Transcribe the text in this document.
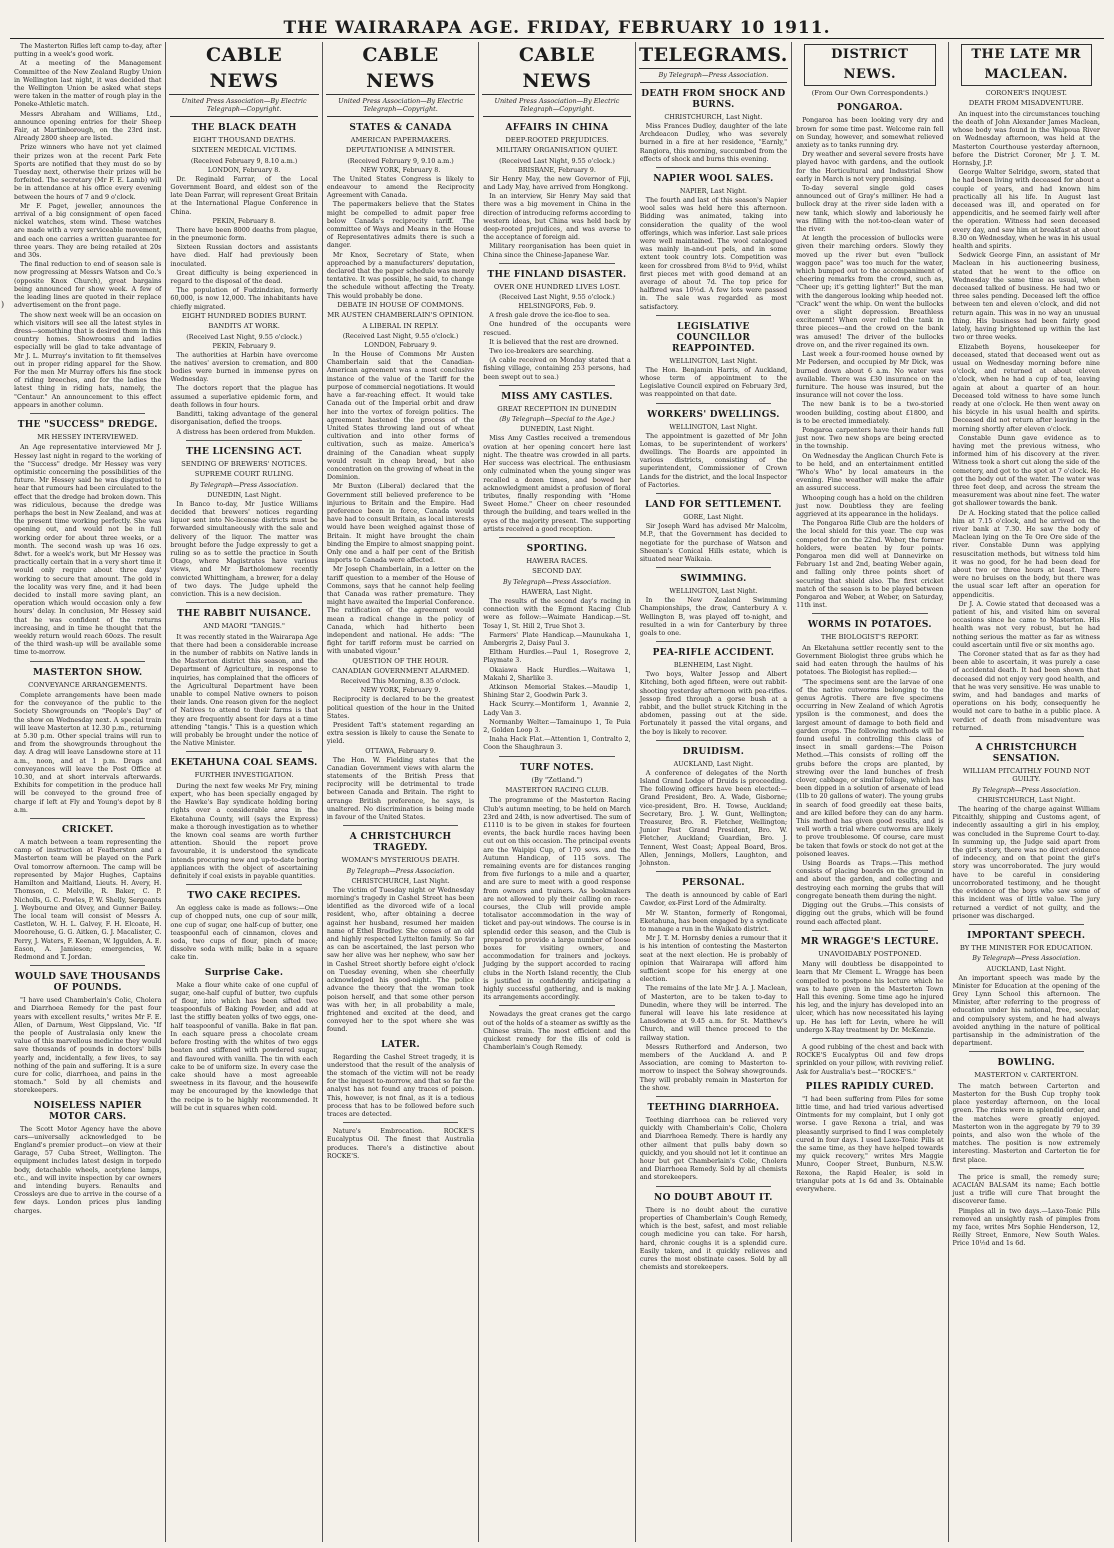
)
THE WAIRARAPA AGE. FRIDAY, FEBRUARY 10 1911.

The Masterton Rifles left camp to-day, after putting in a week's good work.

At a meeting of the Management Committee of the New Zealand Rugby Union in Wellington last night, it was decided that the Wellington Union be asked what steps were taken in the matter of rough play in the Poneke-Athletic match.

Messrs Abraham and Williams, Ltd., announce opening entries for their Sheep Fair, at Martinborough, on the 23rd inst. Already 2800 sheep are listed.

Prize winners who have not yet claimed their prizes won at the recent Park Fete Sports are notified that they must do so by Tuesday next, otherwise their prizes will be forfeited. The secretary (Mr F. E. Lamb) will be in attendance at his office every evening between the hours of 7 and 9 o'clock.

Mr F. Paget, jeweller, announces the arrival of a big consignment of open faced nickel watches, stem wind. These watches are made with a very serviceable movement, and each one carries a written guarantee for three years. They are being retailed at 20s and 30s.

The final reduction to end of season sale is now progressing at Messrs Watson and Co.'s (opposite Knox Church), great bargains being announced for show week. A few of the leading lines are quoted in their replace advertisement on the front page.

The show next week will be an occasion on which visitors will see all the latest styles in dress—something that is desired them in this country homes. Showrooms and ladies especially will be glad to take advantage of Mr J. L. Murray's invitation to fit themselves out in proper riding apparel for the Show. For the men Mr Murray offers his fine stock of riding breeches, and for the ladies the latest thing in riding hats, namely, the "Centaur." An announcement to this effect appears in another column.

THE "SUCCESS" DREDGE.
MR HESSEY INTERVIEWED.

An Age representative interviewed Mr J. Hessey last night in regard to the working of the "Success" dredge. Mr Hessey was very optimistic concerning the possibilities of the future. Mr Hessey said he was disgusted to hear that rumours had been circulated to the effect that the dredge had broken down. This was ridiculous, because the dredge was perhaps the best in New Zealand, and was at the present time working perfectly. She was opening out, and would not be in full working order for about three weeks, or a month. The second wash up was 16 ozs. 8dwt. for a week's work, but Mr Hessey was practically certain that in a very short time it would only require about three days' working to secure that amount. The gold in the locality was very fine, and it had been decided to install more saving plant, an operation which would occasion only a few hours' delay. In conclusion, Mr Hessey said that he was confident of the returns increasing, and in time he thought that the weekly return would reach 60ozs. The result of the third wash-up will be available some time to-morrow.

MASTERTON SHOW.
CONVEYANCE ARRANGEMENTS.

Complete arrangements have been made for the conveyance of the public to the Society Showgrounds on "People's Day" of the show on Wednesday next. A special train will leave Masterton at 12.30 p.m., returning at 5.30 p.m. Other special trains will run to and from the showgrounds throughout the day. A drag will leave Lansdowne store at 11 a.m., noon, and at 1 p.m. Drags and conveyances will leave the Post Office at 10.30, and at short intervals afterwards. Exhibits for competition in the produce hall will be conveyed to the ground free of charge if left at Fly and Young's depot by 8 a.m.

CRICKET.

A match between a team representing the camp of instruction at Featherston and a Masterton team will be played on the Park Oval tomorrow afternoon. The camp will be represented by Major Hughes, Captains Hamilton and Maitland, Lieuts. H. Avery, H. Thomson, C. Melville, R. Baker, C. P. Nicholls, G. C. Powles, P. W. Shelly, Sergeants J. Weybourne and Olvey, and Gunner Bailey. The local team will consist of Messrs A. Castleton, W. H. L. Galvey, F. H. Elcoate, H. Moorehouse, G. G. Aitken, G. J. Macalister, C. Perry, J. Waters, F. Keenan, W. Iggulden, A. E. Eason, A. Jamieson; emergencies, W. Redmond and T. Jordan.

WOULD SAVE THOUSANDS OF POUNDS.

"I have used Chamberlain's Colic, Cholera and Diarrhoea Remedy for the past four years with excellent results," writes Mr F. E. Allen, of Darnum, West Gippsland, Vic. "If the people of Australasia only knew the value of this marvellous medicine they would save thousands of pounds in doctors' bills yearly and, incidentally, a few lives, to say nothing of the pain and suffering. It is a sure cure for colic, diarrhoea, and pains in the stomach." Sold by all chemists and storekeepers.

NOISELESS NAPIER MOTOR CARS.

The Scott Motor Agency have the above cars—universally acknowledged to be England's premier product—on view at their Garage, 57 Cuba Street, Wellington. The equipment includes latest design in torpedo body, detachable wheels, acetylene lamps, etc., and will invite inspection by car owners and intending buyers. Renaults and Crossleys are due to arrive in the course of a few days. London prices plus landing charges.

CABLE NEWS
United Press Association—By Electric Telegraph—Copyright.
THE BLACK DEATH
EIGHT THOUSAND DEATHS.
SIXTEEN MEDICAL VICTIMS.
(Received February 9, 8.10 a.m.)
LONDON, February 8.

Dr. Reginald Farrar, of the Local Government Board, and eldest son of the late Dean Farrar, will represent Great Britain at the International Plague Conference in China.

PEKIN, February 8.

There have been 8000 deaths from plague, in the pneumonic form.

Sixteen Russian doctors and assistants have died. Half had previously been inoculated.

Great difficulty is being experienced in regard to the disposal of the dead.

The population of Fudzindzian, formerly 60,000, is now 12,000. The inhabitants have chiefly migrated.

EIGHT HUNDRED BODIES BURNT.
BANDITS AT WORK.
(Received Last Night, 9.55 o'clock.)
PEKIN, February 9.

The authorities at Harbin have overcome the natives' aversion to cremation, and 800 bodies were burned in immense pyres on Wednesday.

The doctors report that the plague has assumed a superlative epidemic form, and death follows in four hours.

Banditti, taking advantage of the general disorganisation, defied the troops.

A distress has been ordered from Mukden.

THE LICENSING ACT.
SENDING OF BREWERS' NOTICES.
SUPREME COURT RULING.
By Telegraph—Press Association.
DUNEDIN, Last Night.

In Banco to-day, Mr Justice Williams decided that brewers' notices regarding liquor sent into No-license districts must be forwarded simultaneously with the sale and delivery of the liquor. The matter was brought before the Judge expressly to get a ruling so as to settle the practice in South Otago, where Magistrates have various views, and Mr Bartholomew recently convicted Whittingham, a brewer, for a delay of two days. The Judge upheld the conviction. This is a new decision.

THE RABBIT NUISANCE.
AND MAORI "TANGIS."

It was recently stated in the Wairarapa Age that there had been a considerable increase in the number of rabbits on Native lands in the Masterton district this season, and the Department of Agriculture, in response to inquiries, has complained that the officers of the Agricultural Department have been unable to compel Native owners to poison their lands. One reason given for the neglect of Natives to attend to their farms is that they are frequently absent for days at a time attending "tangis." This is a question which will probably be brought under the notice of the Native Minister.

EKETAHUNA COAL SEAMS.
FURTHER INVESTIGATION.

During the next few weeks Mr Fry, mining expert, who has been specially engaged by the Hawke's Bay syndicate holding boring rights over a considerable area in the Eketahuna County, will (says the Express) make a thorough investigation as to whether the known coal seams are worth further attention. Should the report prove favourable, it is understood the syndicate intends procuring new and up-to-date boring appliances with the object of ascertaining definitely if coal exists in payable quantities.

TWO CAKE RECIPES.

An eggless cake is made as follows:—One cup of chopped nuts, one cup of sour milk, one cup of sugar, one half-cup of butter, one teaspoonful each of cinnamon, cloves and soda, two cups of flour, pinch of mace; dissolve soda with milk; bake in a square cake tin.

Surprise Cake.

Make a flour white cake of one cupful of sugar, one-half cupful of butter, two cupfuls of flour, into which has been sifted two teaspoonfuls of Baking Powder, and add at last the stiffly beaten yolks of two eggs, one-half teaspoonful of vanilla. Bake in flat pan. In each square press a chocolate cream before frosting with the whites of two eggs beaten and stiffened with powdered sugar, and flavoured with vanilla. The tin with each cake to be of uniform size. In every case the cake should have a most agreeable sweetness in its flavour, and the housewife may be encouraged by the knowledge that the recipe is to be highly recommended. It will be cut in squares when cold.

CABLE NEWS
United Press Association—By Electric Telegraph—Copyright.
STATES & CANADA
AMERICAN PAPERMAKERS.
DEPUTATIONISE A MINISTER.
(Received February 9, 9.10 a.m.)
NEW YORK, February 8.

The United States Congress is likely to endeavour to amend the Reciprocity Agreement with Canada.

The papermakers believe that the States might be compelled to admit paper free below Canada's reciprocity tariff. The committee of Ways and Means in the House of Representatives admits there is such a danger.

Mr Knox, Secretary of State, when approached by a manufacturers' deputation, declared that the paper schedule was merely tentative. It was possible, he said, to change the schedule without affecting the Treaty. This would probably be done.

DEBATE IN HOUSE OF COMMONS.
MR AUSTEN CHAMBERLAIN'S OPINION.
A LIBERAL IN REPLY.
(Received Last Night, 9.55 o'clock.)
LONDON, February 9.

In the House of Commons Mr Austen Chamberlain said that the Canadian-American agreement was a most conclusive instance of the value of the Tariff for the purpose of commercial negotiations. It would have a far-reaching effect. It would take Canada out of the Imperial orbit and draw her into the vortex of foreign politics. The agreement hastened the process of the United States throwing land out of wheat cultivation and into other forms of cultivation, such as maize. America's draining of the Canadian wheat supply would result in cheap bread, but also concentration on the growing of wheat in the Dominion.

Mr Buxton (Liberal) declared that the Government still believed preference to be injurious to Britain and the Empire. Had preference been in force, Canada would have had to consult Britain, as local interests would have been weighed against those of Britain. It might have brought the chain binding the Empire to almost snapping point. Only one and a half per cent of the British imports to Canada were affected.

Mr Joseph Chamberlain, in a letter on the tariff question to a member of the House of Commons, says that he cannot help feeling that Canada was rather premature. They might have awaited the Imperial Conference. The ratification of the agreement would mean a radical change in the policy of Canada, which had hitherto been independent and national. He adds: "The fight for tariff reform must be carried on with unabated vigour."

QUESTION OF THE HOUR.
CANADIAN GOVERNMENT ALARMED.
Received This Morning, 8.35 o'clock.
NEW YORK, February 9.

Reciprocity is declared to be the greatest political question of the hour in the United States.

President Taft's statement regarding an extra session is likely to cause the Senate to yield.

OTTAWA, February 9.

The Hon. W. Fielding states that the Canadian Government views with alarm the statements of the British Press that reciprocity will be detrimental to trade between Canada and Britain. The right to arrange British preference, he says, is unaltered. No discrimination is being made in favour of the United States.

A CHRISTCHURCH TRAGEDY.
WOMAN'S MYSTERIOUS DEATH.
By Telegraph—Press Association.
CHRISTCHURCH, Last Night.

The victim of Tuesday night or Wednesday morning's tragedy in Cashel Street has been identified as the divorced wife of a local resident, who, after obtaining a decree against her husband, resumed her maiden name of Ethel Bradley. She comes of an old and highly respected Lyttelton family. So far as can be ascertained, the last person who saw her alive was her nephew, who saw her in Cashel Street shortly before eight o'clock on Tuesday evening, when she cheerfully acknowledged his good-night. The police advance the theory that the woman took poison herself, and that some other person was with her, in all probability a male, frightened and excited at the deed, and conveyed her to the spot where she was found.

LATER.

Regarding the Cashel Street tragedy, it is understood that the result of the analysis of the stomach of the victim will not be ready for the inquest to-morrow, and that so far the analyst has not found any traces of poison. This, however, is not final, as it is a tedious process that has to be followed before such traces are detected.

Nature's Embrocation. ROCKE'S Eucalyptus Oil. The finest that Australia produces. There's a distinctive about ROCKE'S.

CABLE NEWS
United Press Association—By Electric Telegraph—Copyright.
AFFAIRS IN CHINA
DEEP-ROOTED PREJUDICES.
MILITARY ORGANISATION QUIET.
(Received Last Night, 9.55 o'clock.)
BRISBANE, February 9.

Sir Henry May, the new Governor of Fiji, and Lady May, have arrived from Hongkong.

In an interview, Sir Henry May said that there was a big movement in China in the direction of introducing reforms according to western ideas, but China was held back by deep-rooted prejudices, and was averse to the acceptance of foreign aid.

Military reorganisation has been quiet in China since the Chinese-Japanese War.

THE FINLAND DISASTER.
OVER ONE HUNDRED LIVES LOST.
(Received Last Night, 9.55 o'clock.)
HELSINGFORS, Feb. 9.

A fresh gale drove the ice-floe to sea.

One hundred of the occupants were rescued.

It is believed that the rest are drowned.

Two ice-breakers are searching.

(A cable received on Monday stated that a fishing village, containing 253 persons, had been swept out to sea.)

MISS AMY CASTLES.
GREAT RECEPTION IN DUNEDIN
(By Telegraph—Special to the Age.)
DUNEDIN, Last Night.

Miss Amy Castles received a tremendous ovation at her opening concert here last night. The theatre was crowded in all parts. Her success was electrical. The enthusiasm only culminated when the young singer was recalled a dozen times, and bowed her acknowledgment amidst a profusion of floral tributes, finally responding with "Home Sweet Home." Cheer on cheer resounded through the building, and tears welled in the eyes of the majority present. The supporting artists received a good reception.

SPORTING.
HAWERA RACES.
SECOND DAY.
By Telegraph—Press Association.
HAWERA, Last Night.

The results of the second day's racing in connection with the Egmont Racing Club were as follow:—Waimate Handicap.—St. Tosay 1, St. Hill 2, True Shot 3.

Farmers' Plate Handicap.—Maunukaha 1, Ambergris 2, Daisy Paul 3.

Eltham Hurdles.—Paul 1, Rosegrove 2, Playmate 3.

Okaiawa Hack Hurdles.—Waitawa 1, Makahi 2, Sharlike 3.

Atkinson Memorial Stakes.—Maudip 1, Shining Star 2, Goodwin Park 3.

Hack Scurry.—Montiform 1, Avannie 2, Lady Van 3.

Normanby Welter.—Tamainupo 1, Te Puia 2, Golden Loop 3.

Inaha Hack Flat.—Attention 1, Contralto 2, Coon the Shaughraun 3.

TURF NOTES.
(By "Zetland.")
MASTERTON RACING CLUB.

The programme of the Masterton Racing Club's autumn meeting, to be held on March 23rd and 24th, is now advertised. The sum of £1110 is to be given in stakes for fourteen events, the back hurdle races having been cut out on this occasion. The principal events are the Waipipi Cup, of 170 sovs. and the Autumn Handicap, of 115 sovs. The remaining events are for distances ranging from five furlongs to a mile and a quarter, and are sure to meet with a good response from owners and trainers. As bookmakers are not allowed to ply their calling on race-courses, the Club will provide ample totalisator accommodation in the way of ticket and pay-out windows. The course is in splendid order this season, and the Club is prepared to provide a large number of loose boxes for visiting owners, and accommodation for trainers and jockeys. Judging by the support accorded to racing clubs in the North Island recently, the Club is justified in confidently anticipating a highly successful gathering, and is making its arrangements accordingly.

Nowadays the great cranes get the cargo out of the holds of a steamer as swiftly as the Chinese strain. The most efficient and the quickest remedy for the ills of cold is Chamberlain's Cough Remedy.

TELEGRAMS.
By Telegraph—Press Association.
DEATH FROM SHOCK AND BURNS.
CHRISTCHURCH, Last Night.

Miss Frances Dudley, daughter of the late Archdeacon Dudley, who was severely burned in a fire at her residence, "Earnly," Rangiora, this morning, succumbed from the effects of shock and burns this evening.

NAPIER WOOL SALES.
NAPIER, Last Night.

The fourth and last of this season's Napier wool sales was held here this afternoon. Bidding was animated, taking into consideration the quality of the wool offerings, which was inferior. Last sale prices were well maintained. The wool catalogued was mainly in-and-out pels, and in some extent took country lots. Competition was keen for crossbred from 8½d to 9½d, whilst first pieces met with good demand at an average of about 7d. The top price for halfbred was 10½d. A few lots were passed in. The sale was regarded as most satisfactory.

LEGISLATIVE COUNCILLOR REAPPOINTED.
WELLINGTON, Last Night.

The Hon. Benjamin Harris, of Auckland, whose term of appointment to the Legislative Council expired on February 3rd, was reappointed on that date.

WORKERS' DWELLINGS.
WELLINGTON, Last Night.

The appointment is gazetted of Mr John Lomas, to be superintendent of workers' dwellings. The Boards are appointed in various districts, consisting of the superintendent, Commissioner of Crown Lands for the district, and the local Inspector of Factories.

LAND FOR SETTLEMENT.
GORE, Last Night.

Sir Joseph Ward has advised Mr Malcolm, M.P., that the Government has decided to negotiate for the purchase of Watson and Sheenan's Conical Hills estate, which is situated near Waikaia.

SWIMMING.
WELLINGTON, Last Night.

In the New Zealand Swimming Championships, the draw, Canterbury A v. Wellington B, was played off to-night, and resulted in a win for Canterbury by three goals to one.

PEA-RIFLE ACCIDENT.
BLENHEIM, Last Night.

Two boys, Walter Jessop and Albert Kitching, both aged fifteen, were out rabbit-shooting yesterday afternoon with pea-rifles. Jessop fired through a gorse bush at a rabbit, and the bullet struck Kitching in the abdomen, passing out at the side. Fortunately it passed the vital organs, and the boy is likely to recover.

DRUIDISM.
AUCKLAND, Last Night.

A conference of delegates of the North Island Grand Lodge of Druids is proceeding. The following officers have been elected:—Grand President, Bro. A. Wade, Gisborne; vice-president, Bro. H. Towse, Auckland; Secretary, Bro. J. W. Gunt, Wellington; Treasurer, Bro. R. Fletcher, Wellington; Junior Past Grand President, Bro. W. Fletcher, Auckland; Guardian, Bro. J. Tennent, West Coast; Appeal Board, Bros. Allen, Jennings, Mollers, Laughton, and Johnston.

PERSONAL.

The death is announced by cable of Earl Cawdor, ex-First Lord of the Admiralty.

Mr W. Stanton, formerly of Rongomai, Eketahuna, has been engaged by a syndicate to manage a run in the Waikato district.

Mr J. T. M. Hornsby denies a rumour that it is his intention of contesting the Masterton seat at the next election. He is probably of opinion that Wairarapa will afford him sufficient scope for his energy at one election.

The remains of the late Mr J. A. J. Maclean, of Masterton, are to be taken to-day to Dunedin, where they will be interred. The funeral will leave his late residence at Lansdowne at 9.45 a.m. for St. Matthew's Church, and will thence proceed to the railway station.

Messrs Rutherford and Anderson, two members of the Auckland A. and P. Association, are coming to Masterton to-morrow to inspect the Solway showgrounds. They will probably remain in Masterton for the show.

TEETHING DIARRHOEA.

Teething diarrhoea can be relieved very quickly with Chamberlain's Colic, Cholera and Diarrhoea Remedy. There is hardly any other ailment that pulls baby down so quickly, and you should not let it continue an hour but get Chamberlain's Colic, Cholera and Diarrhoea Remedy. Sold by all chemists and storekeepers.

NO DOUBT ABOUT IT.

There is no doubt about the curative properties of Chamberlain's Cough Remedy, which is the best, safest, and most reliable cough medicine you can take. For harsh, hard, chronic coughs it is a splendid cure. Easily taken, and it quickly relieves and cures the most obstinate cases. Sold by all chemists and storekeepers.

DISTRICT NEWS.
(From Our Own Correspondents.)
PONGAROA.

Pongaroa has been looking very dry and brown for some time past. Welcome rain fell on Sunday, however, and somewhat relieved anxiety as to tanks running dry.

Dry weather and several severe frosts have played havoc with gardens, and the outlook for the Horticultural and Industrial Show early in March is not very promising.

To-day several single gold cases announced out of Gray's milliner. He had a bullock dray at the river side laden with a new tank, which slowly and laboriously he was filling with the not-too-clean water of the river.

At length the procession of bullocks were given their marching orders. Slowly they moved up the river but even "bullock waggon pace" was too much for the water, which bumped out to the accompaniment of cheering remarks from the crowd, such as, "Cheer up; it's getting lighter!" But the man with the dangerous looking whip heeded not. "Crack" went the whip. On went the bullocks over a slight depression. Breathless excitement! When over rolled the tank in three pieces—and the crowd on the bank was amused! The driver of the bullocks drove on, and the river regained its own.

Last week a four-roomed house owned by Mr Pedersen, and occupied by Mr Dick, was burned down about 6 a.m. No water was available. There was £30 insurance on the furniture. The house was insured, but the insurance will not cover the loss.

The new bank is to be a two-storied wooden building, costing about £1800, and is to be erected immediately.

Pongaroa carpenters have their hands full just now. Two new shops are being erected in the township.

On Wednesday the Anglican Church Fete is to be held, and an entertainment entitled "Who's Who" by local amateurs in the evening. Fine weather will make the affair an assured success.

Whooping cough has a hold on the children just now. Doubtless they are feeling aggrieved at its appearance in the holidays.

The Pongaroa Rifle Club are the holders of the local shield for this year. The cup was competed for on the 22nd. Weber, the former holders, were beaten by four points. Pongaroa men did well at Dannevirke on February 1st and 2nd, beating Weber again, and falling only three points short of securing that shield also. The first cricket match of the season is to be played between Pongaroa and Weber, at Weber, on Saturday, 11th inst.

WORMS IN POTATOES.
THE BIOLOGIST'S REPORT.

An Eketahuna settler recently sent to the Government Biologist three grubs which he said had eaten through the haulms of his potatoes. The Biologist has replied:—

"The specimens sent are the larvae of one of the native cutworms belonging to the genus Agrotis. There are five specimens occurring in New Zealand of which Agrotis ypsilon is the commonest, and does the largest amount of damage to both field and garden crops. The following methods will be found useful in controlling this class of insect in small gardens:—The Poison Method.—This consists of rolling off the grubs before the crops are planted, by strewing over the land bunches of fresh clover, cabbage, or similar foliage, which has been dipped in a solution of arsenate of lead (1lb to 20 gallons of water). The young grubs in search of food greedily eat these baits, and are killed before they can do any harm. This method has given good results, and is well worth a trial where cutworms are likely to prove troublesome. Of course, care must be taken that fowls or stock do not get at the poisoned leaves.

Using Boards as Traps.—This method consists of placing boards on the ground in and about the garden, and collecting and destroying each morning the grubs that will congregate beneath them during the night.

Digging out the Grubs.—This consists of digging out the grubs, which will be found round each affected plant.

MR WRAGGE'S LECTURE.
UNAVOIDABLY POSTPONED.

Many will doubtless be disappointed to learn that Mr Clement L. Wragge has been compelled to postpone his lecture which he was to have given in the Masterton Town Hall this evening. Some time ago he injured his leg, and the injury has developed into an ulcer, which has now necessitated his laying up. He has left for Levin, where he will undergo X-Ray treatment by Dr. McKenzie.

A good rubbing of the chest and back with ROCKE'S Eucalyptus Oil and few drops sprinkled on your pillow, with reviving relief. Ask for Australia's best—"ROCKE'S."

PILES RAPIDLY CURED.

"I had been suffering from Piles for some little time, and had tried various advertised Ointments for my complaint, but I only got worse. I gave Rexona a trial, and was pleasantly surprised to find I was completely cured in four days. I used Laxo-Tonic Pills at the same time, as they have helped towards my quick recovery," writes Mrs Maggie Munro, Cooper Street, Bunburn, N.S.W. Rexona, the Rapid Healer, is sold in triangular pots at 1s 6d and 3s. Obtainable everywhere.

THE LATE MR MACLEAN.
CORONER'S INQUEST.
DEATH FROM MISADVENTURE.

An inquest into the circumstances touching the death of John Alexander James Maclean, whose body was found in the Waipoua River on Wednesday afternoon, was held at the Masterton Courthouse yesterday afternoon, before the District Coroner, Mr J. T. M. Hornsby, J.P.

George Walter Selridge, sworn, stated that he had been living with deceased for about a couple of years, and had known him practically all his life. In August last deceased was ill, and operated on for appendicitis, and he seemed fairly well after the operation. Witness had seen deceased every day, and saw him at breakfast at about 8.30 on Wednesday, when he was in his usual health and spirits.

Sedwick George Finn, an assistant of Mr Maclean in his auctioneering business, stated that he went to the office on Wednesday the same time as usual, when deceased talked of business. He had two or three sales pending. Deceased left the office between ten and eleven o'clock, and did not return again. This was in no way an unusual thing. His business had been fairly good lately, having brightened up within the last two or three weeks.

Elizabeth Boyens, housekeeper for deceased, stated that deceased went out as usual on Wednesday morning before nine o'clock, and returned at about eleven o'clock, when he had a cup of tea, leaving again at about a quarter of an hour. Deceased told witness to have some lunch ready at one o'clock. He then went away on his bicycle in his usual health and spirits. Deceased did not return after leaving in the morning shortly after eleven o'clock.

Constable Dunn gave evidence as to having met the previous witness, who informed him of his discovery at the river. Witness took a short cut along the side of the cemetery, and got to the spot at 7 o'clock. He got the body out of the water. The water was three feet deep, and across the stream the measurement was about nine feet. The water got shallower towards the bank.

Dr A. Hocking stated that the police called him at 7.15 o'clock, and he arrived on the river bank at 7.30. He saw the body of Maclean lying on the Te Ore Ore side of the river. Constable Dunn was applying resuscitation methods, but witness told him it was no good, for he had been dead for about two or three hours at least. There were no bruises on the body, but there was the usual scar left after an operation for appendicitis.

Dr J. A. Cowie stated that deceased was a patient of his, and visited him on several occasions since he came to Masterton. His health was not very robust, but he had nothing serious the matter as far as witness could ascertain until five or six months ago.

The Coroner stated that as far as they had been able to ascertain, it was purely a case of accidental death. It had been shown that deceased did not enjoy very good health, and that he was very sensitive. He was unable to swim, and had bandages and marks of operations on his body, consequently he would not care to bathe in a public place. A verdict of death from misadventure was returned.

A CHRISTCHURCH SENSATION.
WILLIAM PITCAITHLY FOUND NOT GUILTY.
By Telegraph—Press Association.
CHRISTCHURCH, Last Night.

The hearing of the charge against William Pitcaithly, shipping and Customs agent, of indecently assaulting a girl in his employ, was concluded in the Supreme Court to-day. In summing up, the Judge said apart from the girl's story, there was no direct evidence of indecency, and on that point the girl's story was uncorroborated. The jury would have to be careful in considering uncorroborated testimony, and he thought the evidence of the boys who saw some of this incident was of little value. The jury returned a verdict of not guilty, and the prisoner was discharged.

IMPORTANT SPEECH.
BY THE MINISTER FOR EDUCATION.
By Telegraph—Press Association.
AUCKLAND, Last Night.

An important speech was made by the Minister for Education at the opening of the Grey Lynn School this afternoon. The Minister, after referring to the progress of education under his national, free, secular, and compulsory system, and he had always avoided anything in the nature of political partisanship in the administration of the department.

BOWLING.
MASTERTON v. CARTERTON.

The match between Carterton and Masterton for the Bush Cup trophy took place yesterday afternoon, on the local green. The rinks were in splendid order, and the matches were greatly enjoyed. Masterton won in the aggregate by 79 to 39 points, and also won the whole of the matches. The position is now extremely interesting. Masterton and Carterton tie for first place.

The price is small, the remedy sure; ACACIAN BALSAM its name; Each bottle just a trifle will cure That brought the discoverer fame.

Pimples all in two days.—Laxo-Tonic Pills removed an unsightly rash of pimples from my face, writes Mrs Sophie Henderson, 12, Reilly Street, Enmore, New South Wales. Price 10½d and 1s 6d.
